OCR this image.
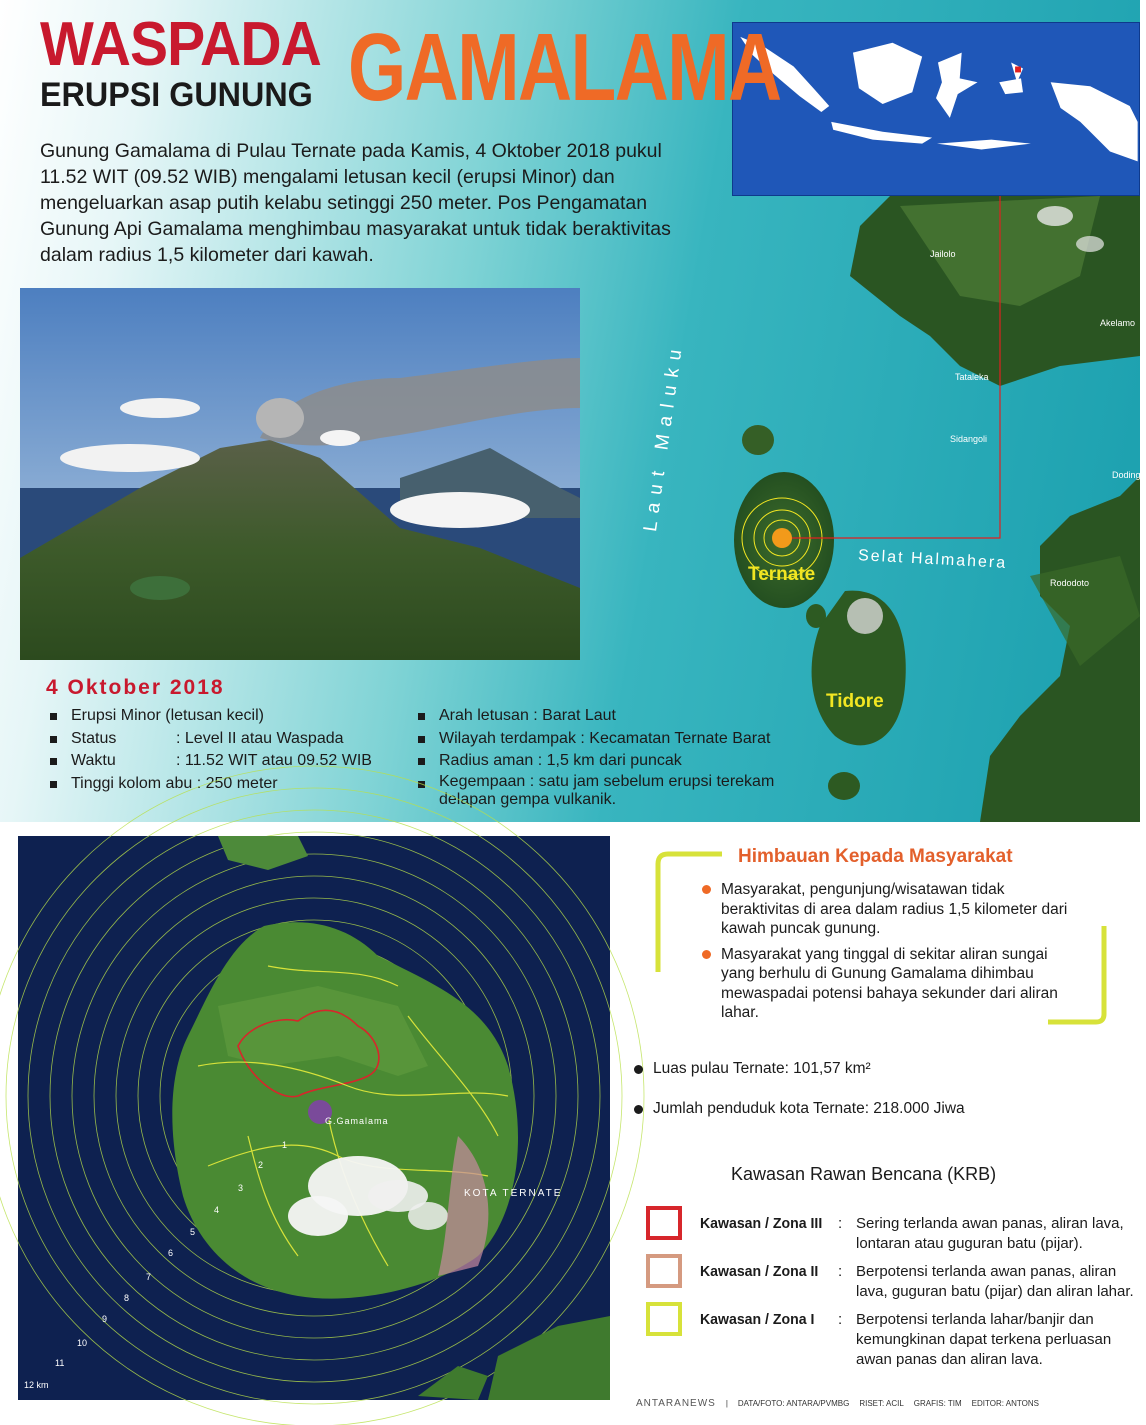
WASPADA
ERUPSI GUNUNG GAMALAMA
Gunung Gamalama di Pulau Ternate pada Kamis, 4 Oktober 2018 pukul 11.52 WIT (09.52 WIB) mengalami letusan kecil (erupsi Minor) dan mengeluarkan asap putih kelabu setinggi 250 meter. Pos Pengamatan Gunung Api Gamalama menghimbau masyarakat untuk tidak beraktivitas dalam radius 1,5 kilometer dari kawah.
4 Oktober 2018
Erupsi Minor (letusan kecil)
Status	: Level II atau Waspada
Waktu	: 11.52 WIT atau 09.52 WIB
Tinggi kolom abu : 250 meter
Arah letusan : Barat Laut
Wilayah terdampak : Kecamatan Ternate Barat
Radius aman : 1,5 km dari puncak
Kegempaan : satu jam sebelum erupsi terekam delapan gempa vulkanik.
Laut Maluku
Selat Halmahera
Ternate
Tidore
Jailolo
Akelamo
Tataleka
Sidangoli
Dodinga
Rododoto
G.Gamalama
KOTA TERNATE
1
2
3
4
5
6
7
8
9
10
11
12 km
Himbauan Kepada Masyarakat
Masyarakat, pengunjung/wisatawan tidak beraktivitas di area dalam radius 1,5 kilometer dari kawah puncak gunung.
Masyarakat yang tinggal di sekitar aliran sungai yang berhulu di Gunung Gamalama dihimbau mewaspadai potensi bahaya sekunder dari aliran lahar.
Luas pulau Ternate: 101,57 km²
Jumlah penduduk kota Ternate: 218.000 Jiwa
Kawasan Rawan Bencana (KRB)
Kawasan / Zona III	: Sering terlanda awan panas, aliran lava, lontaran atau guguran batu (pijar).
Kawasan / Zona II	: Berpotensi terlanda awan panas, aliran lava, guguran batu (pijar) dan aliran lahar.
Kawasan / Zona I	: Berpotensi terlanda lahar/banjir dan kemungkinan dapat terkena perluasan awan panas dan aliran lava.
ANTARANEWS | DATA/FOTO: ANTARA/PVMBG RISET: ACIL GRAFIS: TIM EDITOR: ANTONS
